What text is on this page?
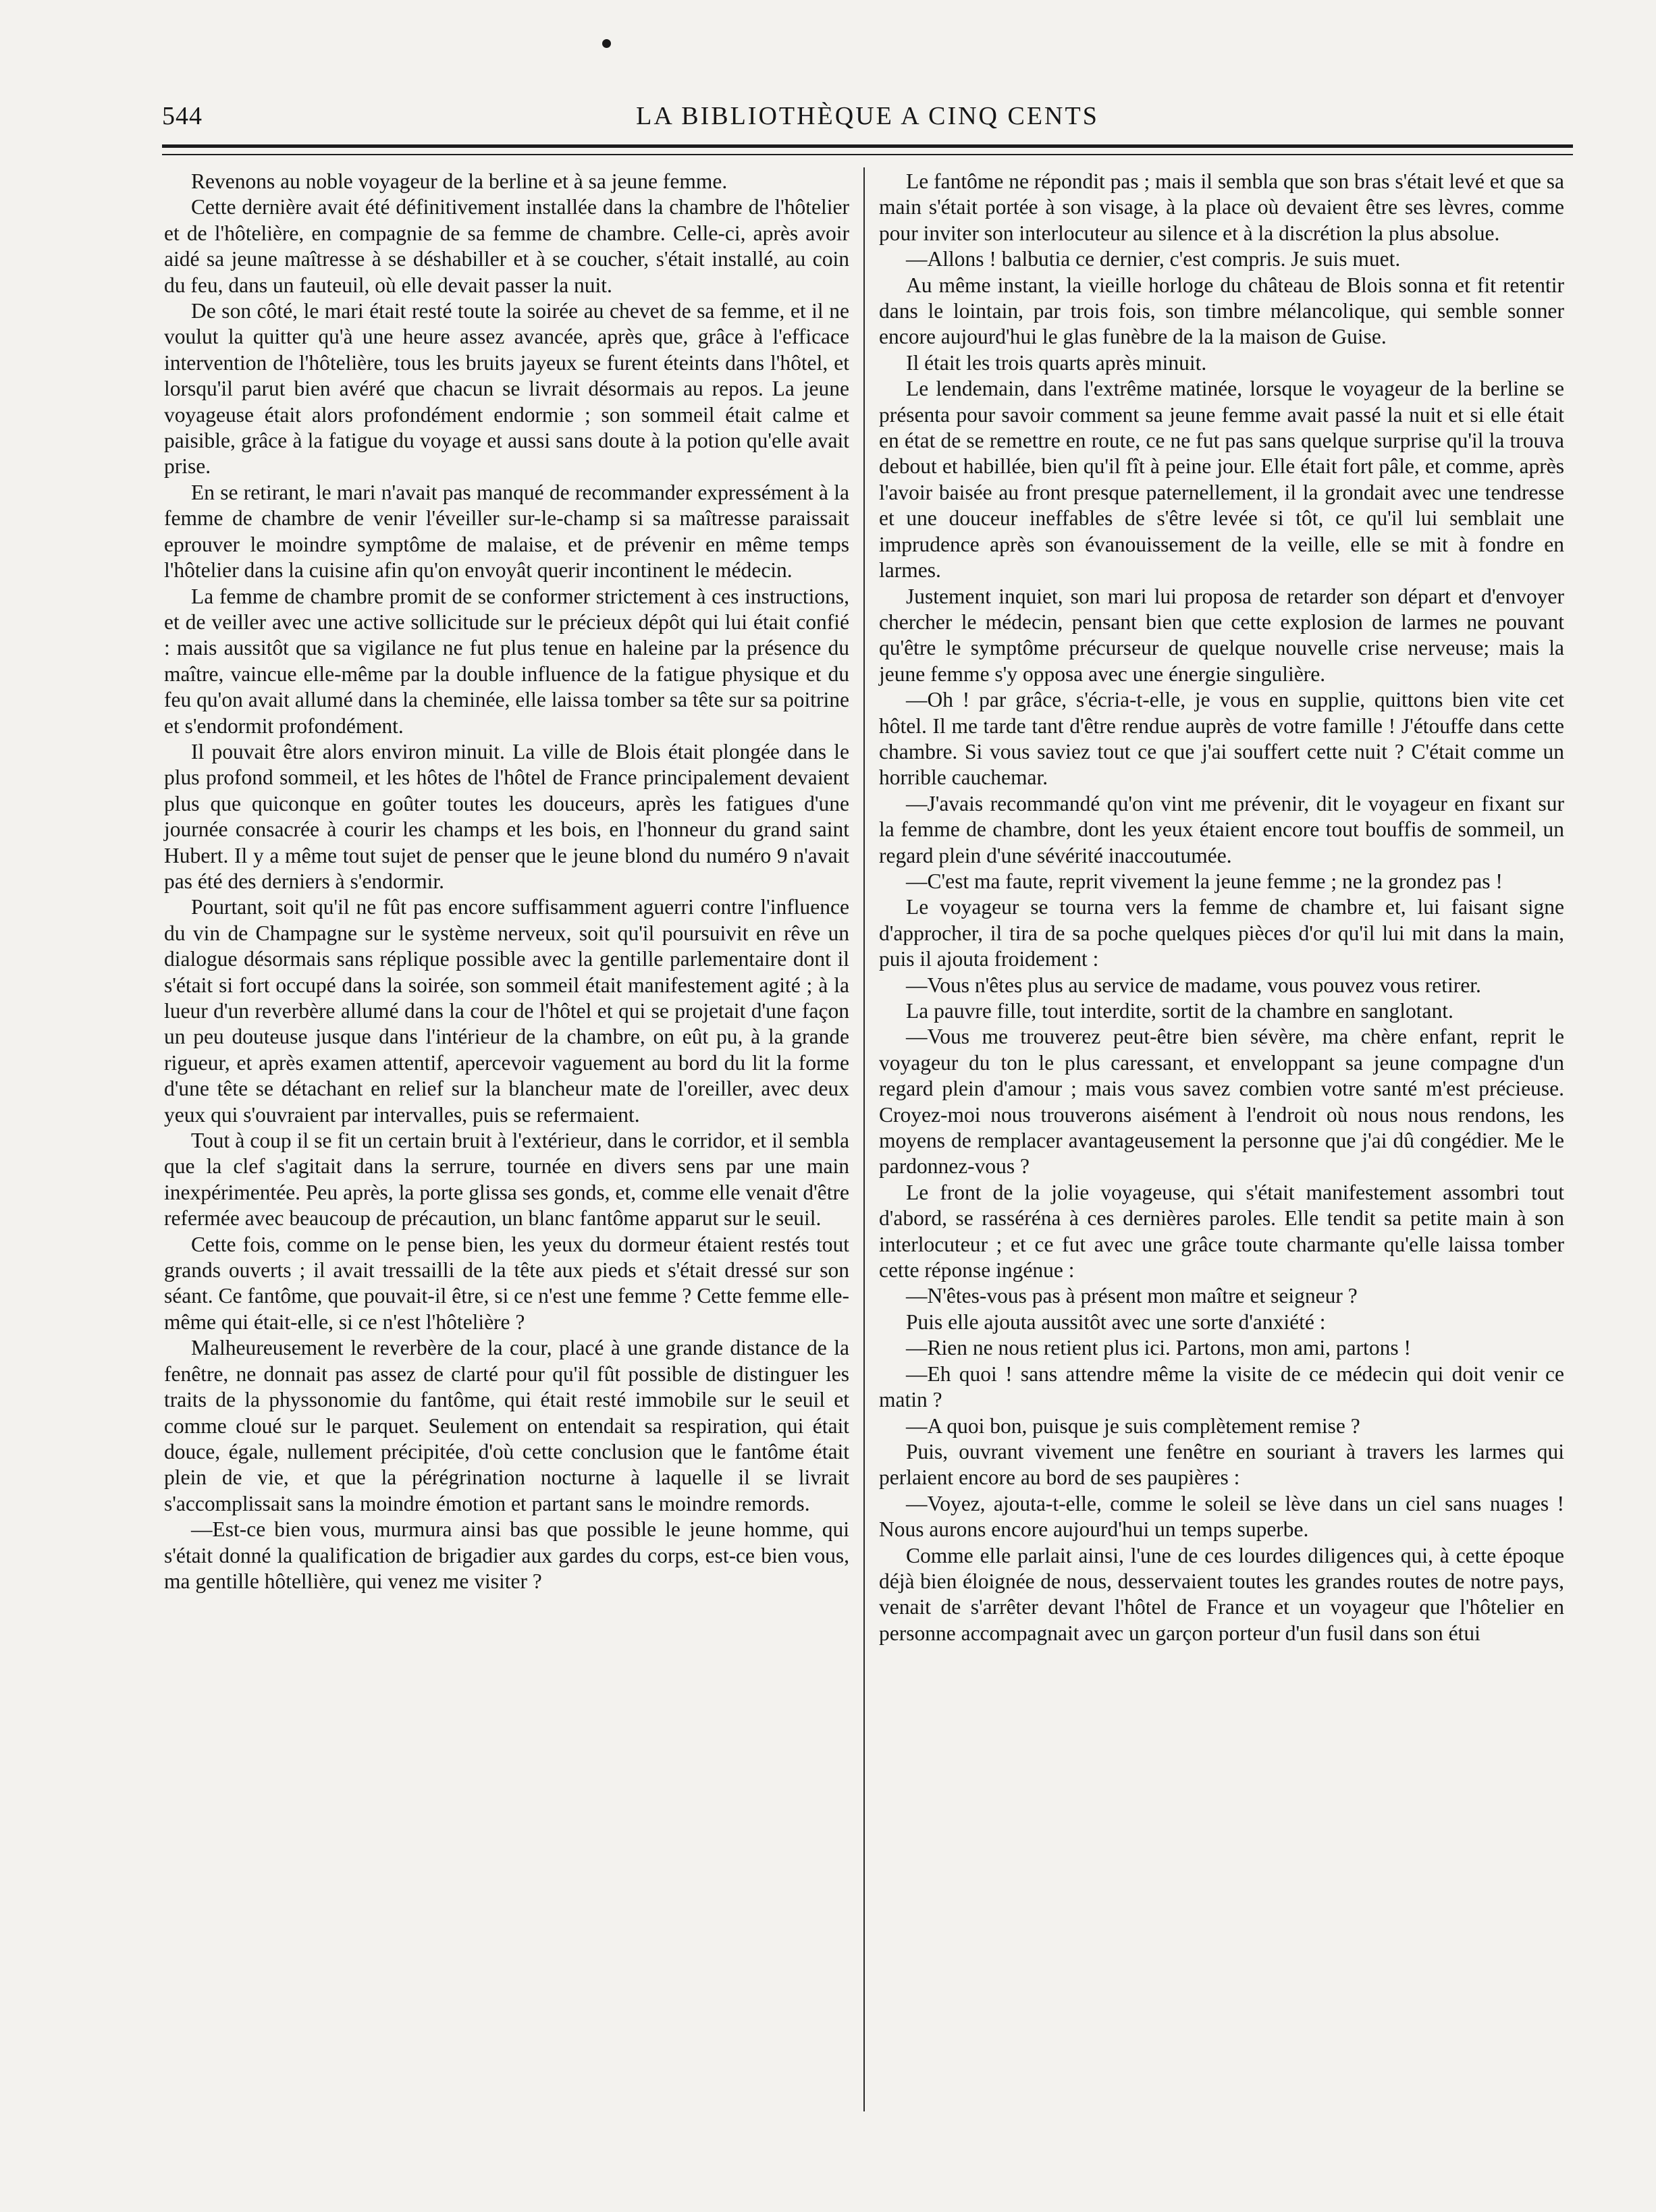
544	LA BIBLIOTHÈQUE A CINQ CENTS

Revenons au noble voyageur de la berline et à sa jeune femme.

Cette dernière avait été définitivement installée dans la chambre de l'hôtelier et de l'hôtelière, en compagnie de sa femme de chambre. Celle-ci, après avoir aidé sa jeune maîtresse à se déshabiller et à se coucher, s'était installé, au coin du feu, dans un fauteuil, où elle devait passer la nuit.

De son côté, le mari était resté toute la soirée au chevet de sa femme, et il ne voulut la quitter qu'à une heure assez avancée, après que, grâce à l'efficace intervention de l'hôtelière, tous les bruits jayeux se furent éteints dans l'hôtel, et lorsqu'il parut bien avéré que chacun se livrait désormais au repos. La jeune voyageuse était alors profondément endormie ; son sommeil était calme et paisible, grâce à la fatigue du voyage et aussi sans doute à la potion qu'elle avait prise.

En se retirant, le mari n'avait pas manqué de recommander expressément à la femme de chambre de venir l'éveiller sur-le-champ si sa maîtresse paraissait eprouver le moindre symptôme de malaise, et de prévenir en même temps l'hôtelier dans la cuisine afin qu'on envoyât querir incontinent le médecin.

La femme de chambre promit de se conformer strictement à ces instructions, et de veiller avec une active sollicitude sur le précieux dépôt qui lui était confié : mais aussitôt que sa vigilance ne fut plus tenue en haleine par la présence du maître, vaincue elle-même par la double influence de la fatigue physique et du feu qu'on avait allumé dans la cheminée, elle laissa tomber sa tête sur sa poitrine et s'endormit profondément.

Il pouvait être alors environ minuit. La ville de Blois était plongée dans le plus profond sommeil, et les hôtes de l'hôtel de France principalement devaient plus que quiconque en goûter toutes les douceurs, après les fatigues d'une journée consacrée à courir les champs et les bois, en l'honneur du grand saint Hubert. Il y a même tout sujet de penser que le jeune blond du numéro 9 n'avait pas été des derniers à s'endormir.

Pourtant, soit qu'il ne fût pas encore suffisamment aguerri contre l'influence du vin de Champagne sur le système nerveux, soit qu'il poursuivit en rêve un dialogue désormais sans réplique possible avec la gentille parlementaire dont il s'était si fort occupé dans la soirée, son sommeil était manifestement agité ; à la lueur d'un reverbère allumé dans la cour de l'hôtel et qui se projetait d'une façon un peu douteuse jusque dans l'intérieur de la chambre, on eût pu, à la grande rigueur, et après examen attentif, apercevoir vaguement au bord du lit la forme d'une tête se détachant en relief sur la blancheur mate de l'oreiller, avec deux yeux qui s'ouvraient par intervalles, puis se refermaient.

Tout à coup il se fit un certain bruit à l'extérieur, dans le corridor, et il sembla que la clef s'agitait dans la serrure, tournée en divers sens par une main inexpérimentée. Peu après, la porte glissa ses gonds, et, comme elle venait d'être refermée avec beaucoup de précaution, un blanc fantôme apparut sur le seuil.

Cette fois, comme on le pense bien, les yeux du dormeur étaient restés tout grands ouverts ; il avait tressailli de la tête aux pieds et s'était dressé sur son séant. Ce fantôme, que pouvait-il être, si ce n'est une femme ? Cette femme elle-même qui était-elle, si ce n'est l'hôtelière ?

Malheureusement le reverbère de la cour, placé à une grande distance de la fenêtre, ne donnait pas assez de clarté pour qu'il fût possible de distinguer les traits de la physsonomie du fantôme, qui était resté immobile sur le seuil et comme cloué sur le parquet. Seulement on entendait sa respiration, qui était douce, égale, nullement précipitée, d'où cette conclusion que le fantôme était plein de vie, et que la pérégrination nocturne à laquelle il se livrait s'accomplissait sans la moindre émotion et partant sans le moindre remords.

—Est-ce bien vous, murmura ainsi bas que possible le jeune homme, qui s'était donné la qualification de brigadier aux gardes du corps, est-ce bien vous, ma gentille hôtellière, qui venez me visiter ?

Le fantôme ne répondit pas ; mais il sembla que son bras s'était levé et que sa main s'était portée à son visage, à la place où devaient être ses lèvres, comme pour inviter son interlocuteur au silence et à la discrétion la plus absolue.

—Allons ! balbutia ce dernier, c'est compris. Je suis muet.

Au même instant, la vieille horloge du château de Blois sonna et fit retentir dans le lointain, par trois fois, son timbre mélancolique, qui semble sonner encore aujourd'hui le glas funèbre de la la maison de Guise.

Il était les trois quarts après minuit.

Le lendemain, dans l'extrême matinée, lorsque le voyageur de la berline se présenta pour savoir comment sa jeune femme avait passé la nuit et si elle était en état de se remettre en route, ce ne fut pas sans quelque surprise qu'il la trouva debout et habillée, bien qu'il fît à peine jour. Elle était fort pâle, et comme, après l'avoir baisée au front presque paternellement, il la grondait avec une tendresse et une douceur ineffables de s'être levée si tôt, ce qu'il lui semblait une imprudence après son évanouissement de la veille, elle se mit à fondre en larmes.

Justement inquiet, son mari lui proposa de retarder son départ et d'envoyer chercher le médecin, pensant bien que cette explosion de larmes ne pouvant qu'être le symptôme précurseur de quelque nouvelle crise nerveuse; mais la jeune femme s'y opposa avec une énergie singulière.

—Oh ! par grâce, s'écria-t-elle, je vous en supplie, quittons bien vite cet hôtel. Il me tarde tant d'être rendue auprès de votre famille ! J'étouffe dans cette chambre. Si vous saviez tout ce que j'ai souffert cette nuit ? C'était comme un horrible cauchemar.

—J'avais recommandé qu'on vint me prévenir, dit le voyageur en fixant sur la femme de chambre, dont les yeux étaient encore tout bouffis de sommeil, un regard plein d'une sévérité inaccoutumée.

—C'est ma faute, reprit vivement la jeune femme ; ne la grondez pas !

Le voyageur se tourna vers la femme de chambre et, lui faisant signe d'approcher, il tira de sa poche quelques pièces d'or qu'il lui mit dans la main, puis il ajouta froidement :

—Vous n'êtes plus au service de madame, vous pouvez vous retirer.

La pauvre fille, tout interdite, sortit de la chambre en sanglotant.

—Vous me trouverez peut-être bien sévère, ma chère enfant, reprit le voyageur du ton le plus caressant, et enveloppant sa jeune compagne d'un regard plein d'amour ; mais vous savez combien votre santé m'est précieuse. Croyez-moi nous trouverons aisément à l'endroit où nous nous rendons, les moyens de remplacer avantageusement la personne que j'ai dû congédier. Me le pardonnez-vous ?

Le front de la jolie voyageuse, qui s'était manifestement assombri tout d'abord, se rasséréna à ces dernières paroles. Elle tendit sa petite main à son interlocuteur ; et ce fut avec une grâce toute charmante qu'elle laissa tomber cette réponse ingénue :

—N'êtes-vous pas à présent mon maître et seigneur ?

Puis elle ajouta aussitôt avec une sorte d'anxiété :

—Rien ne nous retient plus ici. Partons, mon ami, partons !

—Eh quoi ! sans attendre même la visite de ce médecin qui doit venir ce matin ?

—A quoi bon, puisque je suis complètement remise ?

Puis, ouvrant vivement une fenêtre en souriant à travers les larmes qui perlaient encore au bord de ses paupières :

—Voyez, ajouta-t-elle, comme le soleil se lève dans un ciel sans nuages ! Nous aurons encore aujourd'hui un temps superbe.

Comme elle parlait ainsi, l'une de ces lourdes diligences qui, à cette époque déjà bien éloignée de nous, desservaient toutes les grandes routes de notre pays, venait de s'arrêter devant l'hôtel de France et un voyageur que l'hôtelier en personne accompagnait avec un garçon porteur d'un fusil dans son étui
